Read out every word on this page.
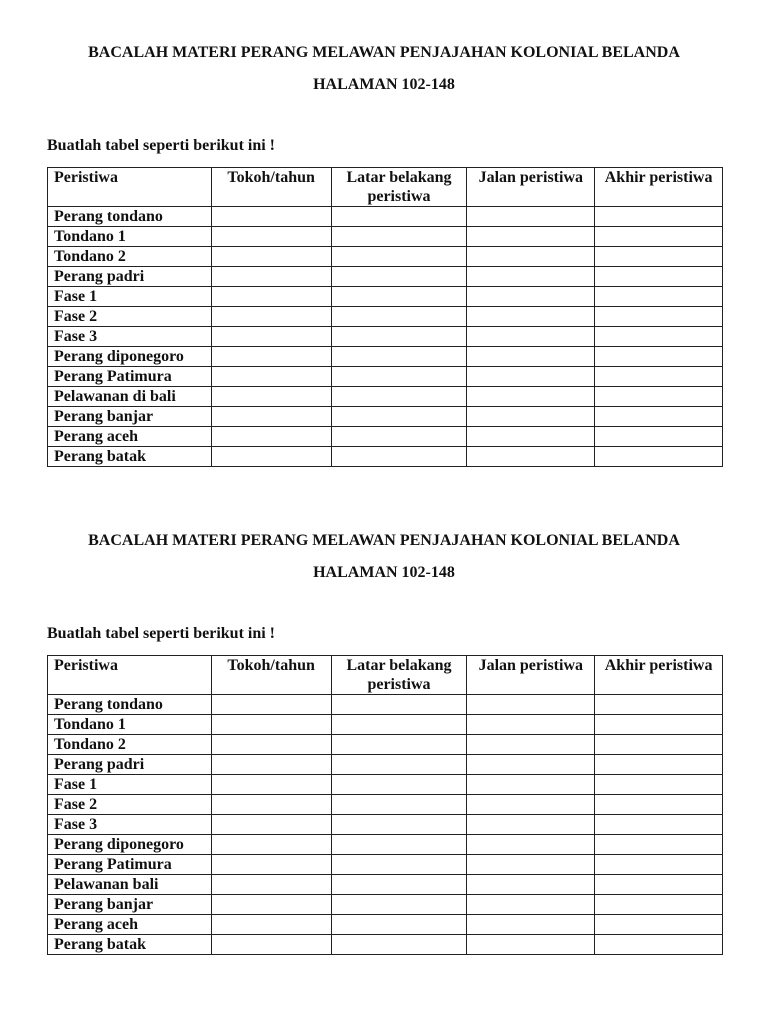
BACALAH MATERI PERANG MELAWAN PENJAJAHAN KOLONIAL BELANDA
HALAMAN 102-148
Buatlah tabel seperti berikut ini !
Peristiwa	Tokoh/tahun	Latar belakang peristiwa	Jalan peristiwa	Akhir peristiwa
Perang tondano				
Tondano 1				
Tondano 2				
Perang padri				
Fase 1				
Fase 2				
Fase 3				
Perang diponegoro				
Perang Patimura				
Pelawanan di bali				
Perang banjar				
Perang aceh				
Perang batak				
BACALAH MATERI PERANG MELAWAN PENJAJAHAN KOLONIAL BELANDA
HALAMAN 102-148
Buatlah tabel seperti berikut ini !
Peristiwa	Tokoh/tahun	Latar belakang peristiwa	Jalan peristiwa	Akhir peristiwa
Perang tondano				
Tondano 1				
Tondano 2				
Perang padri				
Fase 1				
Fase 2				
Fase 3				
Perang diponegoro				
Perang Patimura				
Pelawanan bali				
Perang banjar				
Perang aceh				
Perang batak				
